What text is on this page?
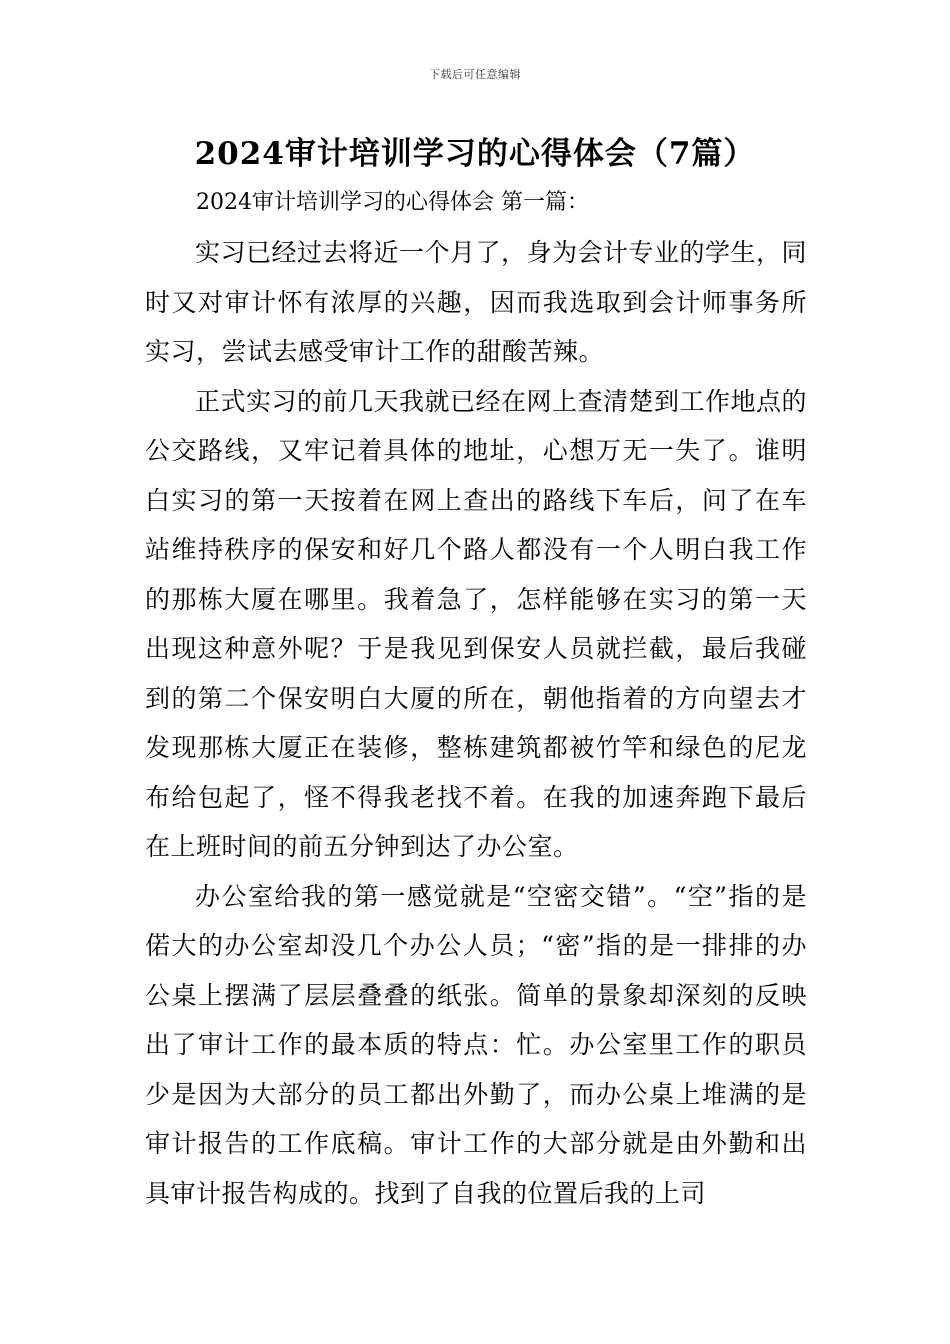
下载后可任意编辑
2024审计培训学习的心得体会（7篇）

2024审计培训学习的心得体会 第一篇：

实习已经过去将近一个月了，身为会计专业的学生，同时又对审计怀有浓厚的兴趣，因而我选取到会计师事务所实习，尝试去感受审计工作的甜酸苦辣。

正式实习的前几天我就已经在网上查清楚到工作地点的公交路线，又牢记着具体的地址，心想万无一失了。谁明白实习的第一天按着在网上查出的路线下车后，问了在车站维持秩序的保安和好几个路人都没有一个人明白我工作的那栋大厦在哪里。我着急了，怎样能够在实习的第一天出现这种意外呢？于是我见到保安人员就拦截，最后我碰到的第二个保安明白大厦的所在，朝他指着的方向望去才发现那栋大厦正在装修，整栋建筑都被竹竿和绿色的尼龙布给包起了，怪不得我老找不着。在我的加速奔跑下最后在上班时间的前五分钟到达了办公室。

办公室给我的第一感觉就是“空密交错”。“空”指的是偌大的办公室却没几个办公人员；“密”指的是一排排的办公桌上摆满了层层叠叠的纸张。简单的景象却深刻的反映出了审计工作的最本质的特点：忙。办公室里工作的职员少是因为大部分的员工都出外勤了，而办公桌上堆满的是审计报告的工作底稿。审计工作的大部分就是由外勤和出具审计报告构成的。找到了自我的位置后我的上司
